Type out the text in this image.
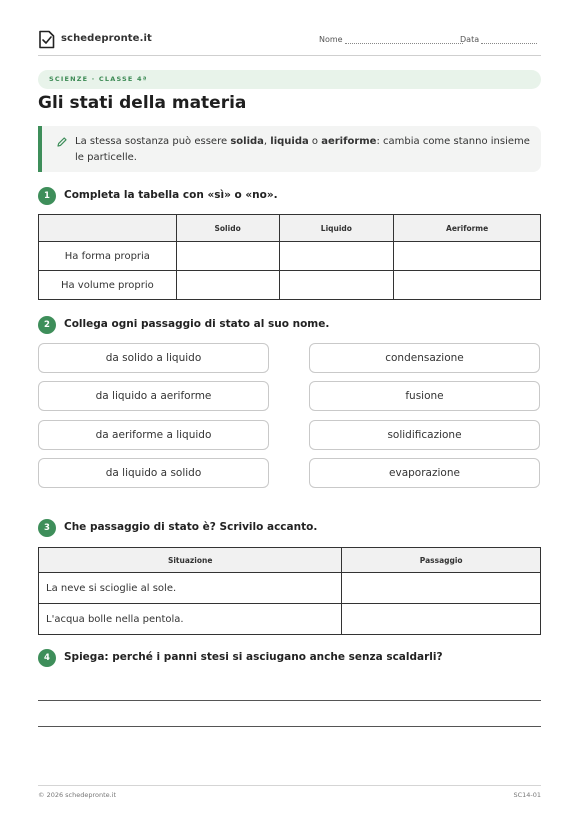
schedepronte.it	Nome	Data
SCIENZE · CLASSE 4ª
Gli stati della materia
La stessa sostanza può essere solida, liquida o aeriforme: cambia come stanno insieme le particelle.
1	Completa la tabella con «sì» o «no».
	Solido	Liquido	Aeriforme
Ha forma propria			
Ha volume proprio			
2	Collega ogni passaggio di stato al suo nome.
da solido a liquido
da liquido a aeriforme
da aeriforme a liquido
da liquido a solido
condensazione
fusione
solidificazione
evaporazione
3	Che passaggio di stato è? Scrivilo accanto.
Situazione	Passaggio
La neve si scioglie al sole.	
L'acqua bolle nella pentola.	
4	Spiega: perché i panni stesi si asciugano anche senza scaldarli?
© 2026 schedepronte.it	SC14-01
